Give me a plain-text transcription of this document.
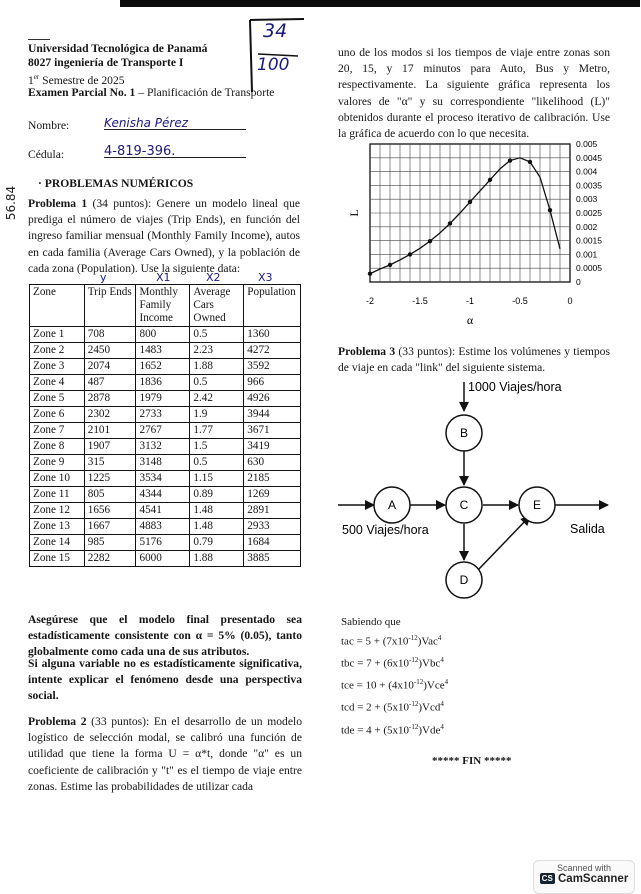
Universidad Tecnológica de Panamá
8027 ingeniería de Transporte I
1er Semestre de 2025
Examen Parcial No. 1 – Planificación de Transporte
34
100
56.84
Nombre:	Kenisha Pérez
Cédula:	4-819-396.
· PROBLEMAS NUMÉRICOS
Problema 1 (34 puntos): Genere un modelo lineal que prediga el número de viajes (Trip Ends), en función del ingreso familiar mensual (Monthly Family Income), autos en cada familia (Average Cars Owned), y la población de cada zona (Population). Use la siguiente data:
y	X1	X2	X3
Zone	Trip Ends	Monthly Family Income	Average Cars Owned	Population
Zone 1	708	800	0.5	1360
Zone 2	2450	1483	2.23	4272
Zone 3	2074	1652	1.88	3592
Zone 4	487	1836	0.5	966
Zone 5	2878	1979	2.42	4926
Zone 6	2302	2733	1.9	3944
Zone 7	2101	2767	1.77	3671
Zone 8	1907	3132	1.5	3419
Zone 9	315	3148	0.5	630
Zone 10	1225	3534	1.15	2185
Zone 11	805	4344	0.89	1269
Zone 12	1656	4541	1.48	2891
Zone 13	1667	4883	1.48	2933
Zone 14	985	5176	0.79	1684
Zone 15	2282	6000	1.88	3885
Asegúrese que el modelo final presentado sea estadísticamente consistente con α = 5% (0.05), tanto globalmente como cada una de sus atributos.
Si alguna variable no es estadísticamente significativa, intente explicar el fenómeno desde una perspectiva social.
Problema 2 (33 puntos): En el desarrollo de un modelo logístico de selección modal, se calibró una función de utilidad que tiene la forma U = α*t, donde "α" es un coeficiente de calibración y "t" es el tiempo de viaje entre zonas. Estime las probabilidades de utilizar cada
uno de los modos si los tiempos de viaje entre zonas son 20, 15, y 17 minutos para Auto, Bus y Metro, respectivamente. La siguiente gráfica representa los valores de "α" y su correspondiente "likelihood (L)" obtenidos durante el proceso iterativo de calibración. Use la gráfica de acuerdo con lo que necesita.
0
0.0005
0.001
0.0015
0.002
0.0025
0.003
0.0035
0.004
0.0045
0.005
-2	-1.5	-1	-0.5	0
α
L
Problema 3 (33 puntos): Estime los volúmenes y tiempos de viaje en cada "link" del siguiente sistema.
A
B
C
D
E
1000 Viajes/hora
500 Viajes/hora	Salida
Sabiendo que
tac = $5 + (7x10^{-12})Vac^4$
tbc = $7 + (6x10^{-12})Vbc^4$
tce = $10 + (4x10^{-12})Vce^4$
tcd = $2 + (5x10^{-12})Vcd^4$
tde = $4 + (5x10^{-12})Vde^4$
***** FIN *****
Scanned with
CS CamScanner
